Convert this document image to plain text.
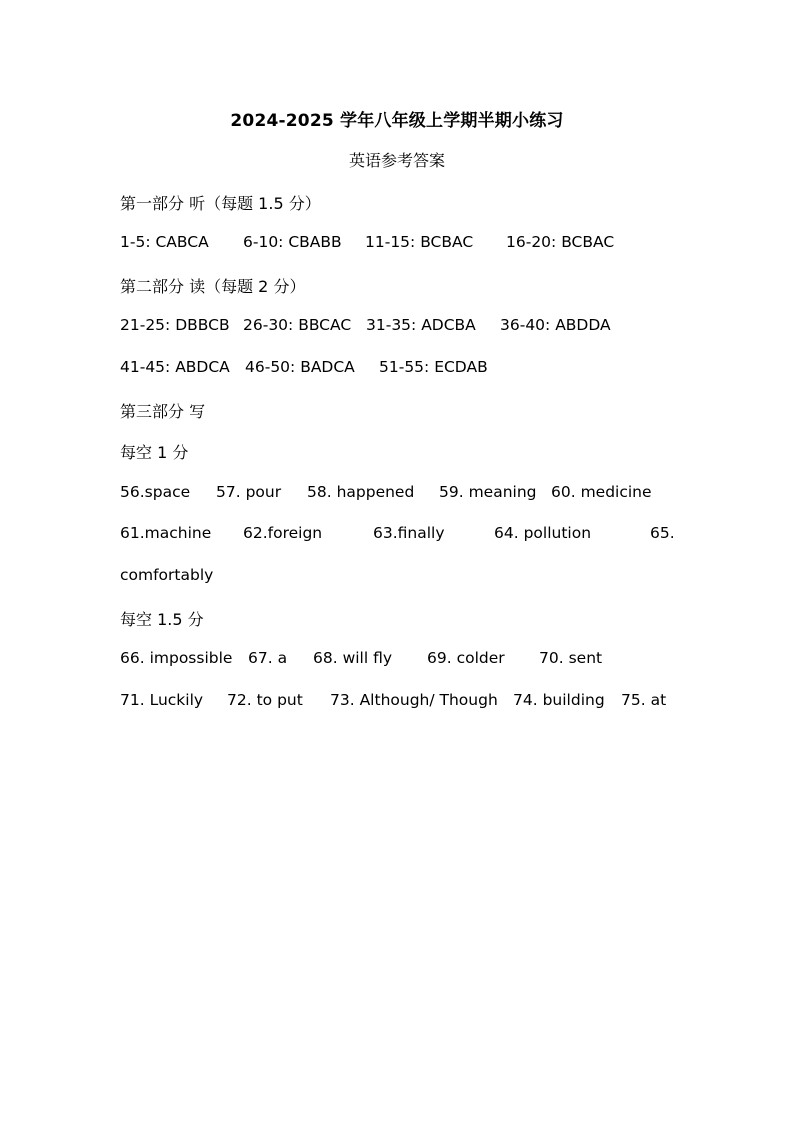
2024-2025 学年八年级上学期半期小练习
英语参考答案
第一部分 听（每题 1.5 分）
1-5: CABCA 6-10: CBABB 11-15: BCBAC 16-20: BCBAC
第二部分 读（每题 2 分）
21-25: DBBCB 26-30: BBCAC 31-35: ADCBA 36-40: ABDDA
41-45: ABDCA 46-50: BADCA 51-55: ECDAB
第三部分 写
每空 1 分
56.space 57. pour 58. happened 59. meaning 60. medicine
61.machine 62.foreign	63.finally	64. pollution	65.
comfortably
每空 1.5 分
66. impossible 67. a 68. will fly 69. colder 70. sent
71. Luckily 72. to put 73. Although/ Though 74. building 75. at
